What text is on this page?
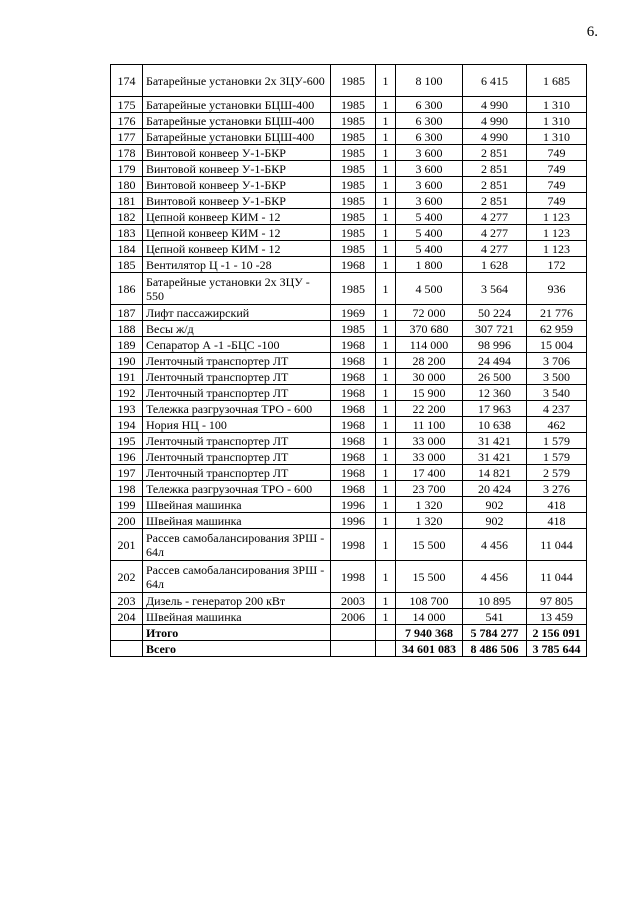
6.
174	Батарейные установки 2х ЗЦУ-600	1985	1	8 100	6 415	1 685
175	Батарейные установки БЦШ-400	1985	1	6 300	4 990	1 310
176	Батарейные установки БЦШ-400	1985	1	6 300	4 990	1 310
177	Батарейные установки БЦШ-400	1985	1	6 300	4 990	1 310
178	Винтовой конвеер У-1-БКР	1985	1	3 600	2 851	749
179	Винтовой конвеер У-1-БКР	1985	1	3 600	2 851	749
180	Винтовой конвеер У-1-БКР	1985	1	3 600	2 851	749
181	Винтовой конвеер У-1-БКР	1985	1	3 600	2 851	749
182	Цепной конвеер КИМ - 12	1985	1	5 400	4 277	1 123
183	Цепной конвеер КИМ - 12	1985	1	5 400	4 277	1 123
184	Цепной конвеер КИМ - 12	1985	1	5 400	4 277	1 123
185	Вентилятор Ц -1 - 10 -28	1968	1	1 800	1 628	172
186	Батарейные установки 2х ЗЦУ - 550	1985	1	4 500	3 564	936
187	Лифт пассажирский	1969	1	72 000	50 224	21 776
188	Весы ж/д	1985	1	370 680	307 721	62 959
189	Сепаратор А -1 -БЦС -100	1968	1	114 000	98 996	15 004
190	Ленточный транспортер ЛТ	1968	1	28 200	24 494	3 706
191	Ленточный транспортер ЛТ	1968	1	30 000	26 500	3 500
192	Ленточный транспортер ЛТ	1968	1	15 900	12 360	3 540
193	Тележка разгрузочная ТРО - 600	1968	1	22 200	17 963	4 237
194	Нория НЦ - 100	1968	1	11 100	10 638	462
195	Ленточный транспортер ЛТ	1968	1	33 000	31 421	1 579
196	Ленточный транспортер ЛТ	1968	1	33 000	31 421	1 579
197	Ленточный транспортер ЛТ	1968	1	17 400	14 821	2 579
198	Тележка разгрузочная ТРО - 600	1968	1	23 700	20 424	3 276
199	Швейная машинка	1996	1	1 320	902	418
200	Швейная машинка	1996	1	1 320	902	418
201	Рассев самобалансирования ЗРШ - 64л	1998	1	15 500	4 456	11 044
202	Рассев самобалансирования ЗРШ - 64л	1998	1	15 500	4 456	11 044
203	Дизель - генератор 200 кВт	2003	1	108 700	10 895	97 805
204	Швейная машинка	2006	1	14 000	541	13 459
	Итого			7 940 368	5 784 277	2 156 091
	Всего			34 601 083	8 486 506	3 785 644
